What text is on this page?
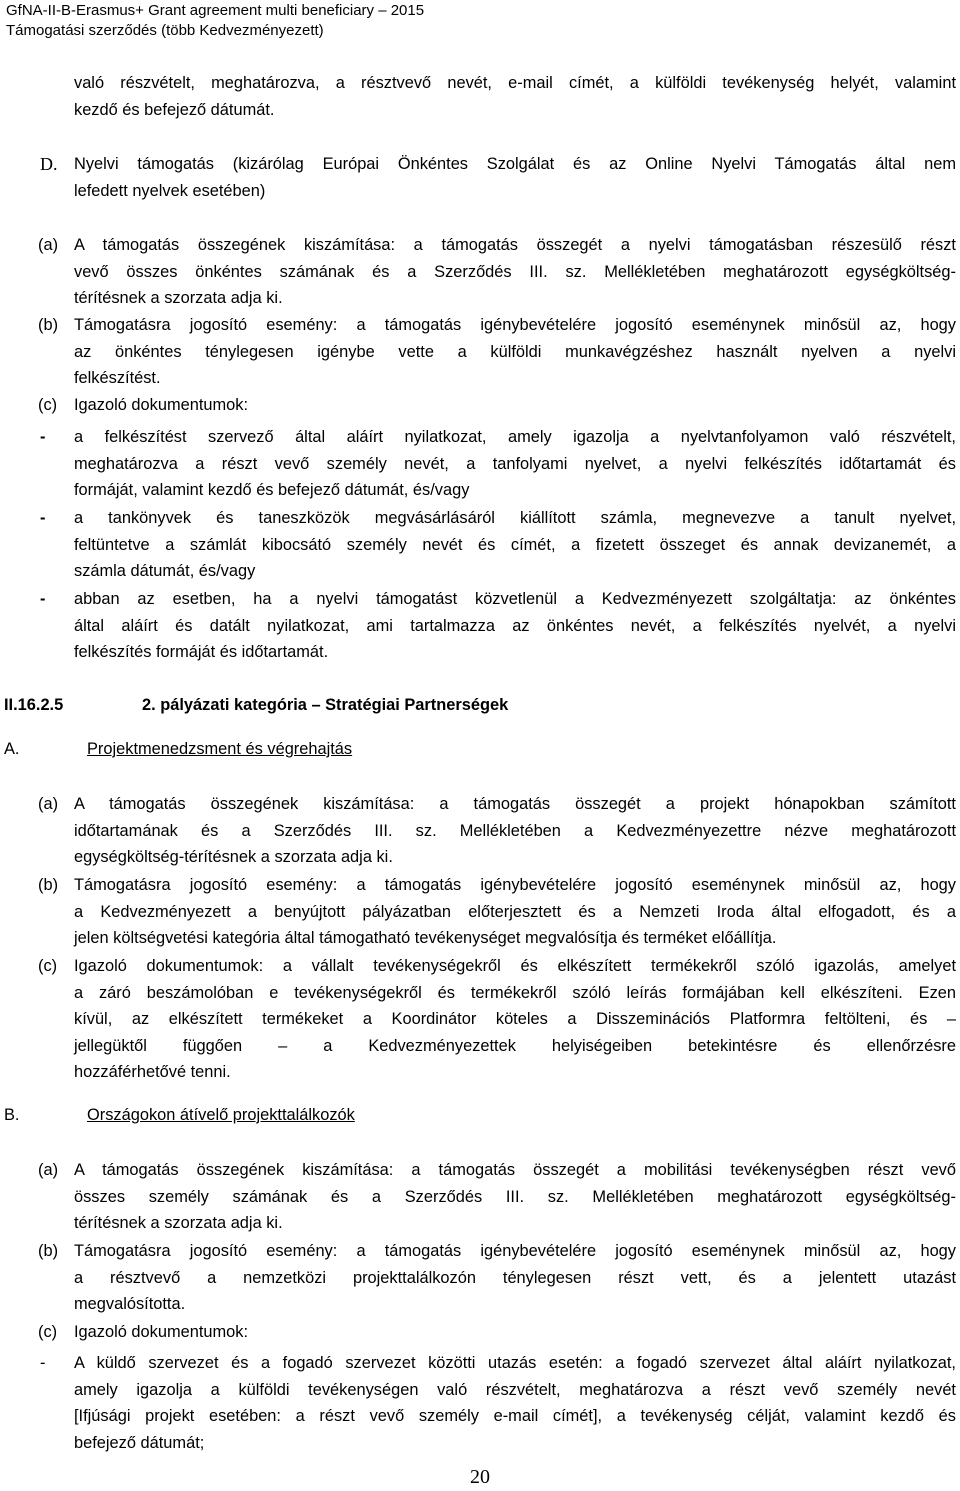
GfNA-II-B-Erasmus+ Grant agreement multi beneficiary – 2015
Támogatási szerződés (több Kedvezményezett)
való részvételt, meghatározva, a résztvevő nevét, e-mail címét, a külföldi tevékenység helyét, valamint
kezdő és befejező dátumát.
D. Nyelvi támogatás (kizárólag Európai Önkéntes Szolgálat és az Online Nyelvi Támogatás által nem
lefedett nyelvek esetében)
(a) A támogatás összegének kiszámítása: a támogatás összegét a nyelvi támogatásban részesülő részt
vevő összes önkéntes számának és a Szerződés III. sz. Mellékletében meghatározott egységköltség-
térítésnek a szorzata adja ki.
(b) Támogatásra jogosító esemény: a támogatás igénybevételére jogosító eseménynek minősül az, hogy
az önkéntes ténylegesen igénybe vette a külföldi munkavégzéshez használt nyelven a nyelvi
felkészítést.
(c) Igazoló dokumentumok:
- a felkészítést szervező által aláírt nyilatkozat, amely igazolja a nyelvtanfolyamon való részvételt,
meghatározva a részt vevő személy nevét, a tanfolyami nyelvet, a nyelvi felkészítés időtartamát és
formáját, valamint kezdő és befejező dátumát, és/vagy
- a tankönyvek és taneszközök megvásárlásáról kiállított számla, megnevezve a tanult nyelvet,
feltüntetve a számlát kibocsátó személy nevét és címét, a fizetett összeget és annak devizanemét, a
számla dátumát, és/vagy
- abban az esetben, ha a nyelvi támogatást közvetlenül a Kedvezményezett szolgáltatja: az önkéntes
által aláírt és datált nyilatkozat, ami tartalmazza az önkéntes nevét, a felkészítés nyelvét, a nyelvi
felkészítés formáját és időtartamát.
II.16.2.5	2. pályázati kategória – Stratégiai Partnerségek
A.	Projektmenedzsment és végrehajtás
(a) A támogatás összegének kiszámítása: a támogatás összegét a projekt hónapokban számított
időtartamának és a Szerződés III. sz. Mellékletében a Kedvezményezettre nézve meghatározott
egységköltség-térítésnek a szorzata adja ki.
(b) Támogatásra jogosító esemény: a támogatás igénybevételére jogosító eseménynek minősül az, hogy
a Kedvezményezett a benyújtott pályázatban előterjesztett és a Nemzeti Iroda által elfogadott, és a
jelen költségvetési kategória által támogatható tevékenységet megvalósítja és terméket előállítja.
(c) Igazoló dokumentumok: a vállalt tevékenységekről és elkészített termékekről szóló igazolás, amelyet
a záró beszámolóban e tevékenységekről és termékekről szóló leírás formájában kell elkészíteni. Ezen
kívül, az elkészített termékeket a Koordinátor köteles a Disszeminációs Platformra feltölteni, és –
jellegüktől függően – a Kedvezményezettek helyiségeiben betekintésre és ellenőrzésre
hozzáférhetővé tenni.
B.	Országokon átívelő projekttalálkozók
(a) A támogatás összegének kiszámítása: a támogatás összegét a mobilitási tevékenységben részt vevő
összes személy számának és a Szerződés III. sz. Mellékletében meghatározott egységköltség-
térítésnek a szorzata adja ki.
(b) Támogatásra jogosító esemény: a támogatás igénybevételére jogosító eseménynek minősül az, hogy
a résztvevő a nemzetközi projekttalálkozón ténylegesen részt vett, és a jelentett utazást
megvalósította.
(c) Igazoló dokumentumok:
- A küldő szervezet és a fogadó szervezet közötti utazás esetén: a fogadó szervezet által aláírt nyilatkozat,
amely igazolja a külföldi tevékenységen való részvételt, meghatározva a részt vevő személy nevét
[Ifjúsági projekt esetében: a részt vevő személy e-mail címét], a tevékenység célját, valamint kezdő és
befejező dátumát;
20
